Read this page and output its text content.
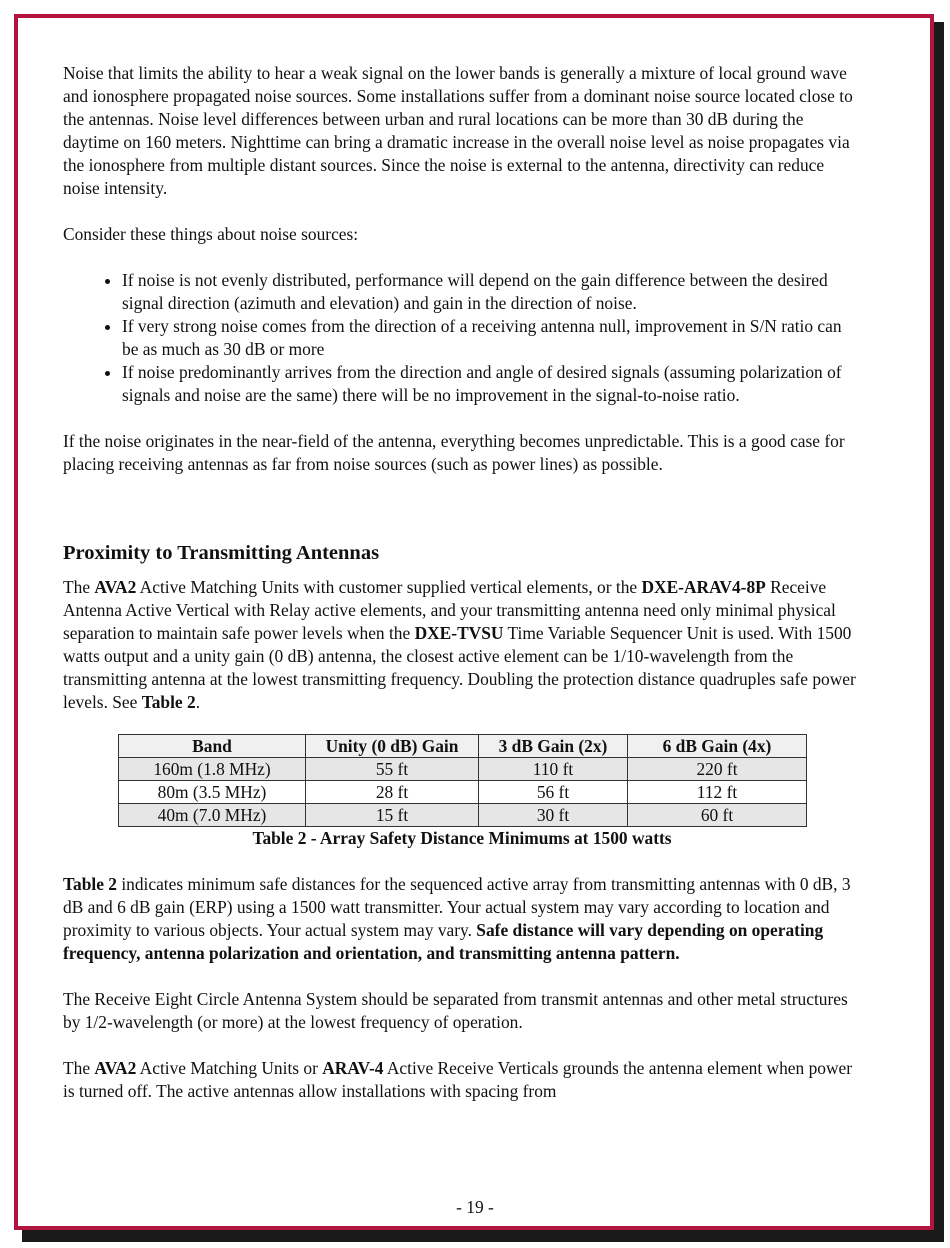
Noise that limits the ability to hear a weak signal on the lower bands is generally a mixture of local ground wave and ionosphere propagated noise sources. Some installations suffer from a dominant noise source located close to the antennas. Noise level differences between urban and rural locations can be more than 30 dB during the daytime on 160 meters. Nighttime can bring a dramatic increase in the overall noise level as noise propagates via the ionosphere from multiple distant sources. Since the noise is external to the antenna, directivity can reduce noise intensity.

Consider these things about noise sources:

• If noise is not evenly distributed, performance will depend on the gain difference between the desired signal direction (azimuth and elevation) and gain in the direction of noise.
• If very strong noise comes from the direction of a receiving antenna null, improvement in S/N ratio can be as much as 30 dB or more
• If noise predominantly arrives from the direction and angle of desired signals (assuming polarization of signals and noise are the same) there will be no improvement in the signal-to-noise ratio.

If the noise originates in the near-field of the antenna, everything becomes unpredictable. This is a good case for placing receiving antennas as far from noise sources (such as power lines) as possible.

Proximity to Transmitting Antennas

The AVA2 Active Matching Units with customer supplied vertical elements, or the DXE-ARAV4-8P Receive Antenna Active Vertical with Relay active elements, and your transmitting antenna need only minimal physical separation to maintain safe power levels when the DXE-TVSU Time Variable Sequencer Unit is used. With 1500 watts output and a unity gain (0 dB) antenna, the closest active element can be 1/10-wavelength from the transmitting antenna at the lowest transmitting frequency. Doubling the protection distance quadruples safe power levels. See Table 2.

Band	Unity (0 dB) Gain	3 dB Gain (2x)	6 dB Gain (4x)
160m (1.8 MHz)	55 ft	110 ft	220 ft
80m (3.5 MHz)	28 ft	56 ft	112 ft
40m (7.0 MHz)	15 ft	30 ft	60 ft

Table 2 - Array Safety Distance Minimums at 1500 watts

Table 2 indicates minimum safe distances for the sequenced active array from transmitting antennas with 0 dB, 3 dB and 6 dB gain (ERP) using a 1500 watt transmitter. Your actual system may vary according to location and proximity to various objects. Your actual system may vary. Safe distance will vary depending on operating frequency, antenna polarization and orientation, and transmitting antenna pattern.

The Receive Eight Circle Antenna System should be separated from transmit antennas and other metal structures by 1/2-wavelength (or more) at the lowest frequency of operation.

The AVA2 Active Matching Units or ARAV-4 Active Receive Verticals grounds the antenna element when power is turned off. The active antennas allow installations with spacing from

- 19 -
